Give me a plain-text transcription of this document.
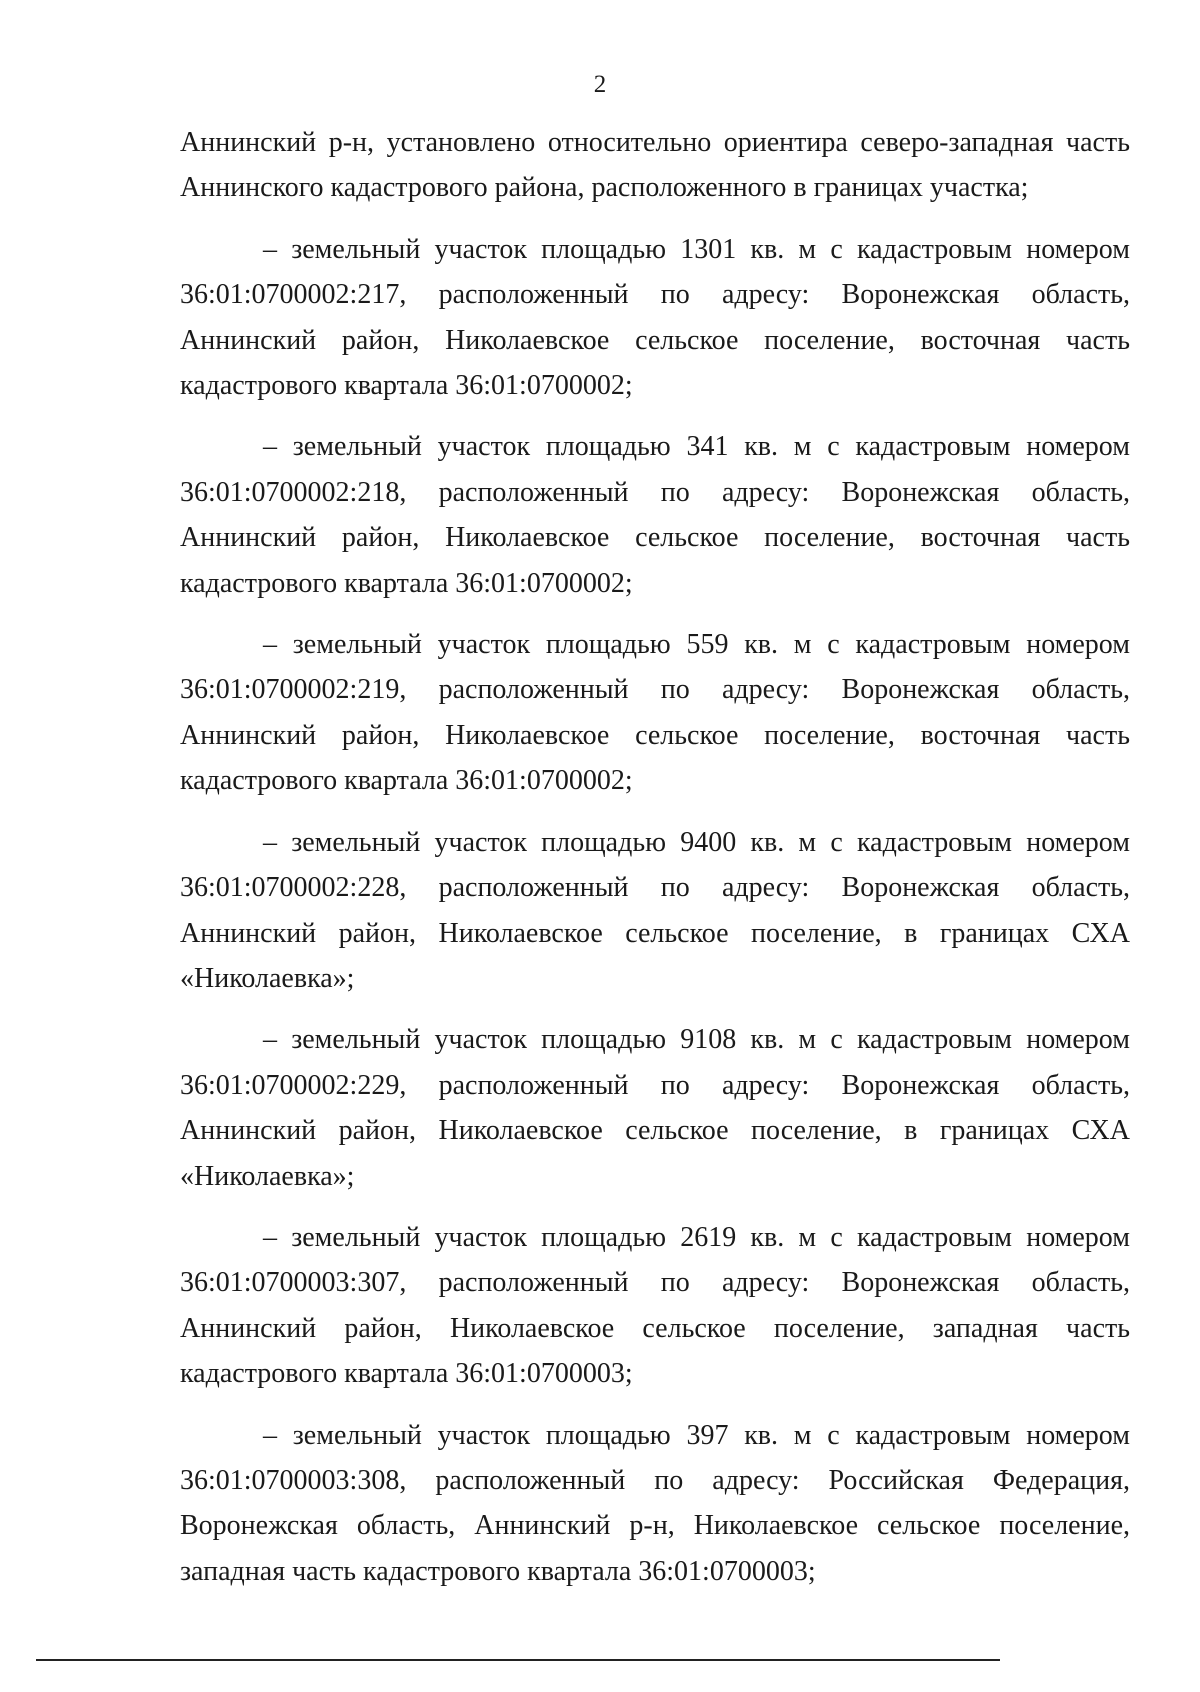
2

Аннинский р-н, установлено относительно ориентира северо-западная часть Аннинского кадастрового района, расположенного в границах участка;

– земельный участок площадью 1301 кв. м с кадастровым номером 36:01:0700002:217, расположенный по адресу: Воронежская область, Аннинский район, Николаевское сельское поселение, восточная часть кадастрового квартала 36:01:0700002;

– земельный участок площадью 341 кв. м с кадастровым номером 36:01:0700002:218, расположенный по адресу: Воронежская область, Аннинский район, Николаевское сельское поселение, восточная часть кадастрового квартала 36:01:0700002;

– земельный участок площадью 559 кв. м с кадастровым номером 36:01:0700002:219, расположенный по адресу: Воронежская область, Аннинский район, Николаевское сельское поселение, восточная часть кадастрового квартала 36:01:0700002;

– земельный участок площадью 9400 кв. м с кадастровым номером 36:01:0700002:228, расположенный по адресу: Воронежская область, Аннинский район, Николаевское сельское поселение, в границах СХА «Николаевка»;

– земельный участок площадью 9108 кв. м с кадастровым номером 36:01:0700002:229, расположенный по адресу: Воронежская область, Аннинский район, Николаевское сельское поселение, в границах СХА «Николаевка»;

– земельный участок площадью 2619 кв. м с кадастровым номером 36:01:0700003:307, расположенный по адресу: Воронежская область, Аннинский район, Николаевское сельское поселение, западная часть кадастрового квартала 36:01:0700003;

– земельный участок площадью 397 кв. м с кадастровым номером 36:01:0700003:308, расположенный по адресу: Российская Федерация, Воронежская область, Аннинский р-н, Николаевское сельское поселение, западная часть кадастрового квартала 36:01:0700003;
